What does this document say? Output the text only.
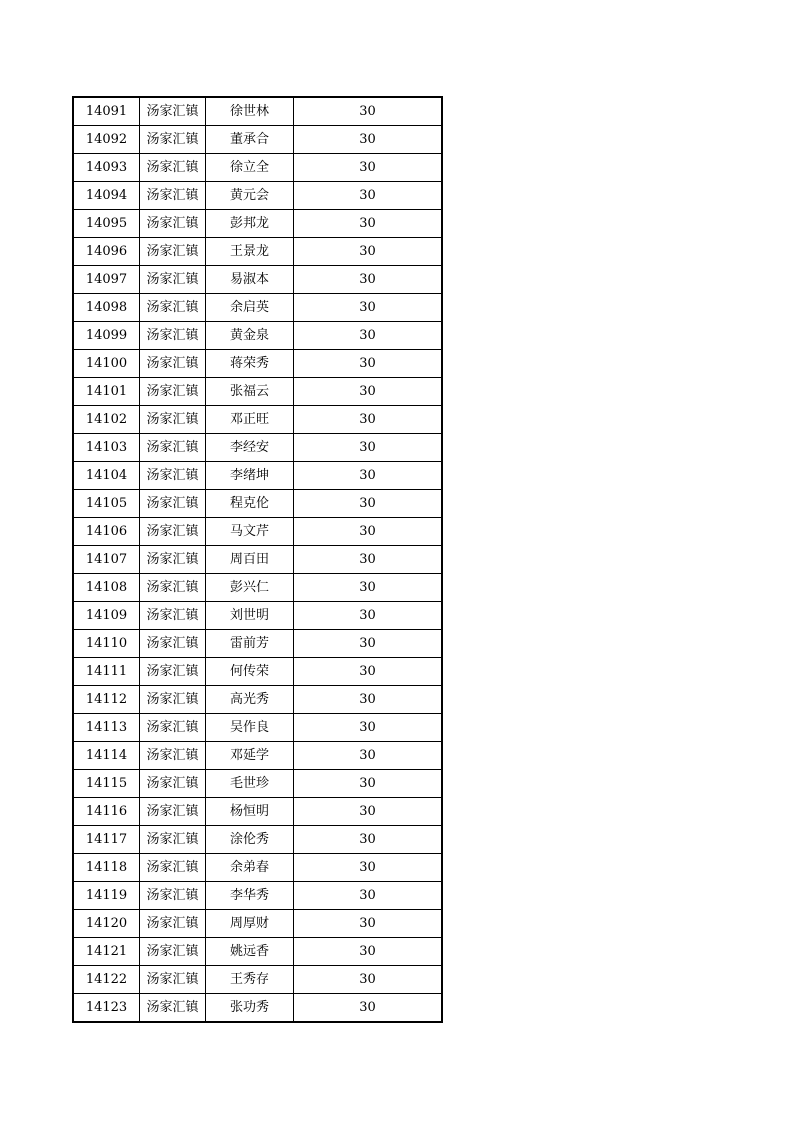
14091	汤家汇镇	徐世林	30
14092	汤家汇镇	董承合	30
14093	汤家汇镇	徐立全	30
14094	汤家汇镇	黄元会	30
14095	汤家汇镇	彭邦龙	30
14096	汤家汇镇	王景龙	30
14097	汤家汇镇	易淑本	30
14098	汤家汇镇	余启英	30
14099	汤家汇镇	黄金泉	30
14100	汤家汇镇	蒋荣秀	30
14101	汤家汇镇	张福云	30
14102	汤家汇镇	邓正旺	30
14103	汤家汇镇	李经安	30
14104	汤家汇镇	李绪坤	30
14105	汤家汇镇	程克伦	30
14106	汤家汇镇	马文芹	30
14107	汤家汇镇	周百田	30
14108	汤家汇镇	彭兴仁	30
14109	汤家汇镇	刘世明	30
14110	汤家汇镇	雷前芳	30
14111	汤家汇镇	何传荣	30
14112	汤家汇镇	高光秀	30
14113	汤家汇镇	吴作良	30
14114	汤家汇镇	邓延学	30
14115	汤家汇镇	毛世珍	30
14116	汤家汇镇	杨恒明	30
14117	汤家汇镇	涂伦秀	30
14118	汤家汇镇	余弟春	30
14119	汤家汇镇	李华秀	30
14120	汤家汇镇	周厚财	30
14121	汤家汇镇	姚远香	30
14122	汤家汇镇	王秀存	30
14123	汤家汇镇	张功秀	30
